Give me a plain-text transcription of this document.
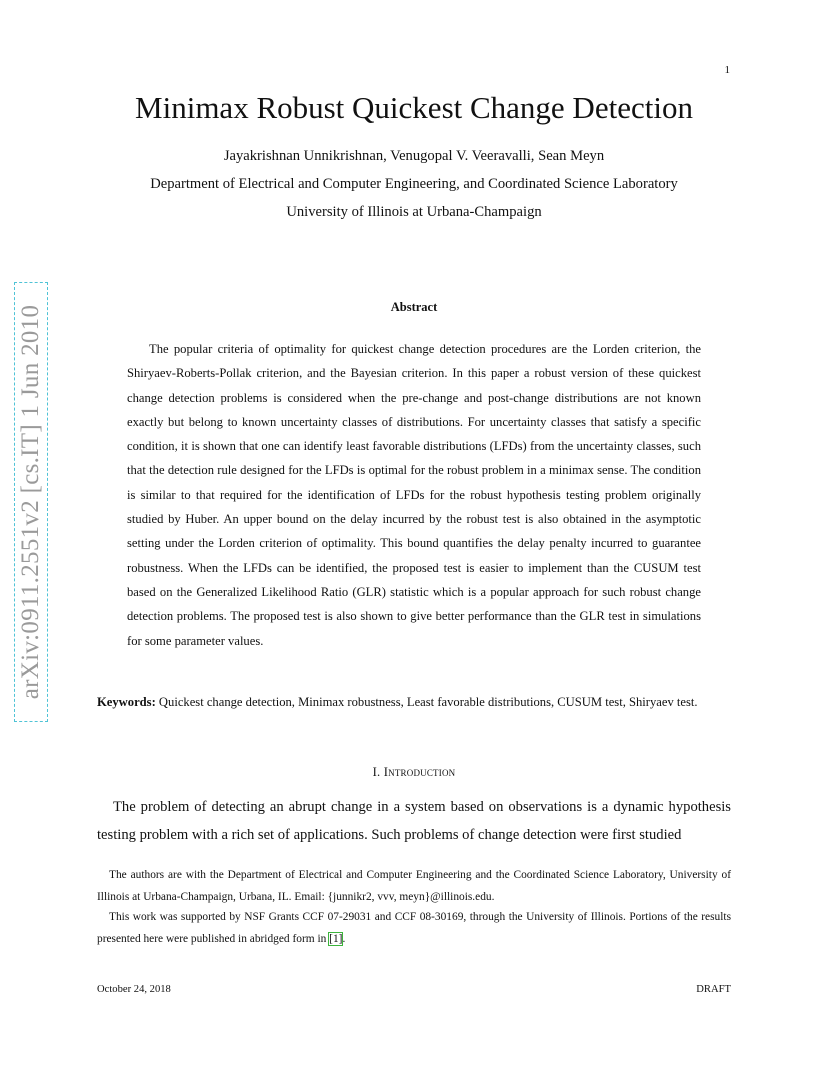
1
arXiv:0911.2551v2 [cs.IT] 1 Jun 2010
Minimax Robust Quickest Change Detection
Jayakrishnan Unnikrishnan, Venugopal V. Veeravalli, Sean Meyn
Department of Electrical and Computer Engineering, and Coordinated Science Laboratory
University of Illinois at Urbana-Champaign
Abstract

The popular criteria of optimality for quickest change detection procedures are the Lorden criterion, the Shiryaev-Roberts-Pollak criterion, and the Bayesian criterion. In this paper a robust version of these quickest change detection problems is considered when the pre-change and post-change distributions are not known exactly but belong to known uncertainty classes of distributions. For uncertainty classes that satisfy a specific condition, it is shown that one can identify least favorable distributions (LFDs) from the uncertainty classes, such that the detection rule designed for the LFDs is optimal for the robust problem in a minimax sense. The condition is similar to that required for the identification of LFDs for the robust hypothesis testing problem originally studied by Huber. An upper bound on the delay incurred by the robust test is also obtained in the asymptotic setting under the Lorden criterion of optimality. This bound quantifies the delay penalty incurred to guarantee robustness. When the LFDs can be identified, the proposed test is easier to implement than the CUSUM test based on the Generalized Likelihood Ratio (GLR) statistic which is a popular approach for such robust change detection problems. The proposed test is also shown to give better performance than the GLR test in simulations for some parameter values.

Keywords: Quickest change detection, Minimax robustness, Least favorable distributions, CUSUM test, Shiryaev test.

I. Introduction

The problem of detecting an abrupt change in a system based on observations is a dynamic hypothesis testing problem with a rich set of applications. Such problems of change detection were first studied

The authors are with the Department of Electrical and Computer Engineering and the Coordinated Science Laboratory, University of Illinois at Urbana-Champaign, Urbana, IL. Email: {junnikr2, vvv, meyn}@illinois.edu.

This work was supported by NSF Grants CCF 07-29031 and CCF 08-30169, through the University of Illinois. Portions of the results presented here were published in abridged form in [1].

October 24, 2018	DRAFT
